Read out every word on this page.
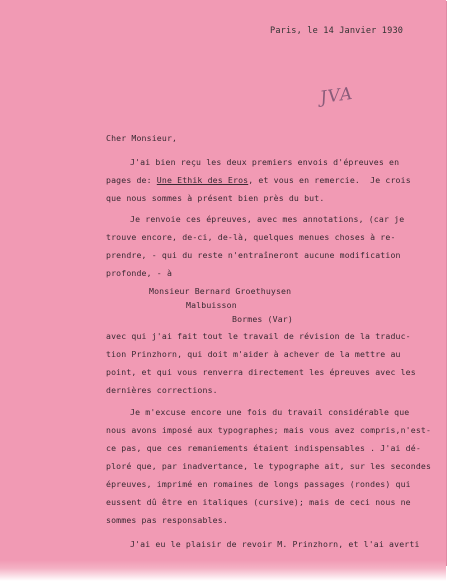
Paris, le 14 Janvier 1930
JVA
Cher Monsieur,
J'ai bien reçu les deux premiers envois d'épreuves en
pages de: Une Ethik des Eros, et vous en remercie.  Je crois
que nous sommes à présent bien près du but.
Je renvoie ces épreuves, avec mes annotations, (car je
trouve encore, de-ci, de-là, quelques menues choses à re-
prendre, - qui du reste n'entraîneront aucune modification
profonde, - à
Monsieur Bernard Groethuysen
Malbuisson
Bormes (Var)
avec qui j'ai fait tout le travail de révision de la traduc-
tion Prinzhorn, qui doit m'aider à achever de la mettre au
point, et qui vous renverra directement les épreuves avec les
dernières corrections.
Je m'excuse encore une fois du travail considérable que
nous avons imposé aux typographes; mais vous avez compris,n'est-
ce pas, que ces remaniements étaient indispensables . J'ai dé-
ploré que, par inadvertance, le typographe ait, sur les secondes
épreuves, imprimé en romaines de longs passages (rondes) qui
eussent dû être en italiques (cursive); mais de ceci nous ne
sommes pas responsables.
J'ai eu le plaisir de revoir M. Prinzhorn, et l'ai averti
